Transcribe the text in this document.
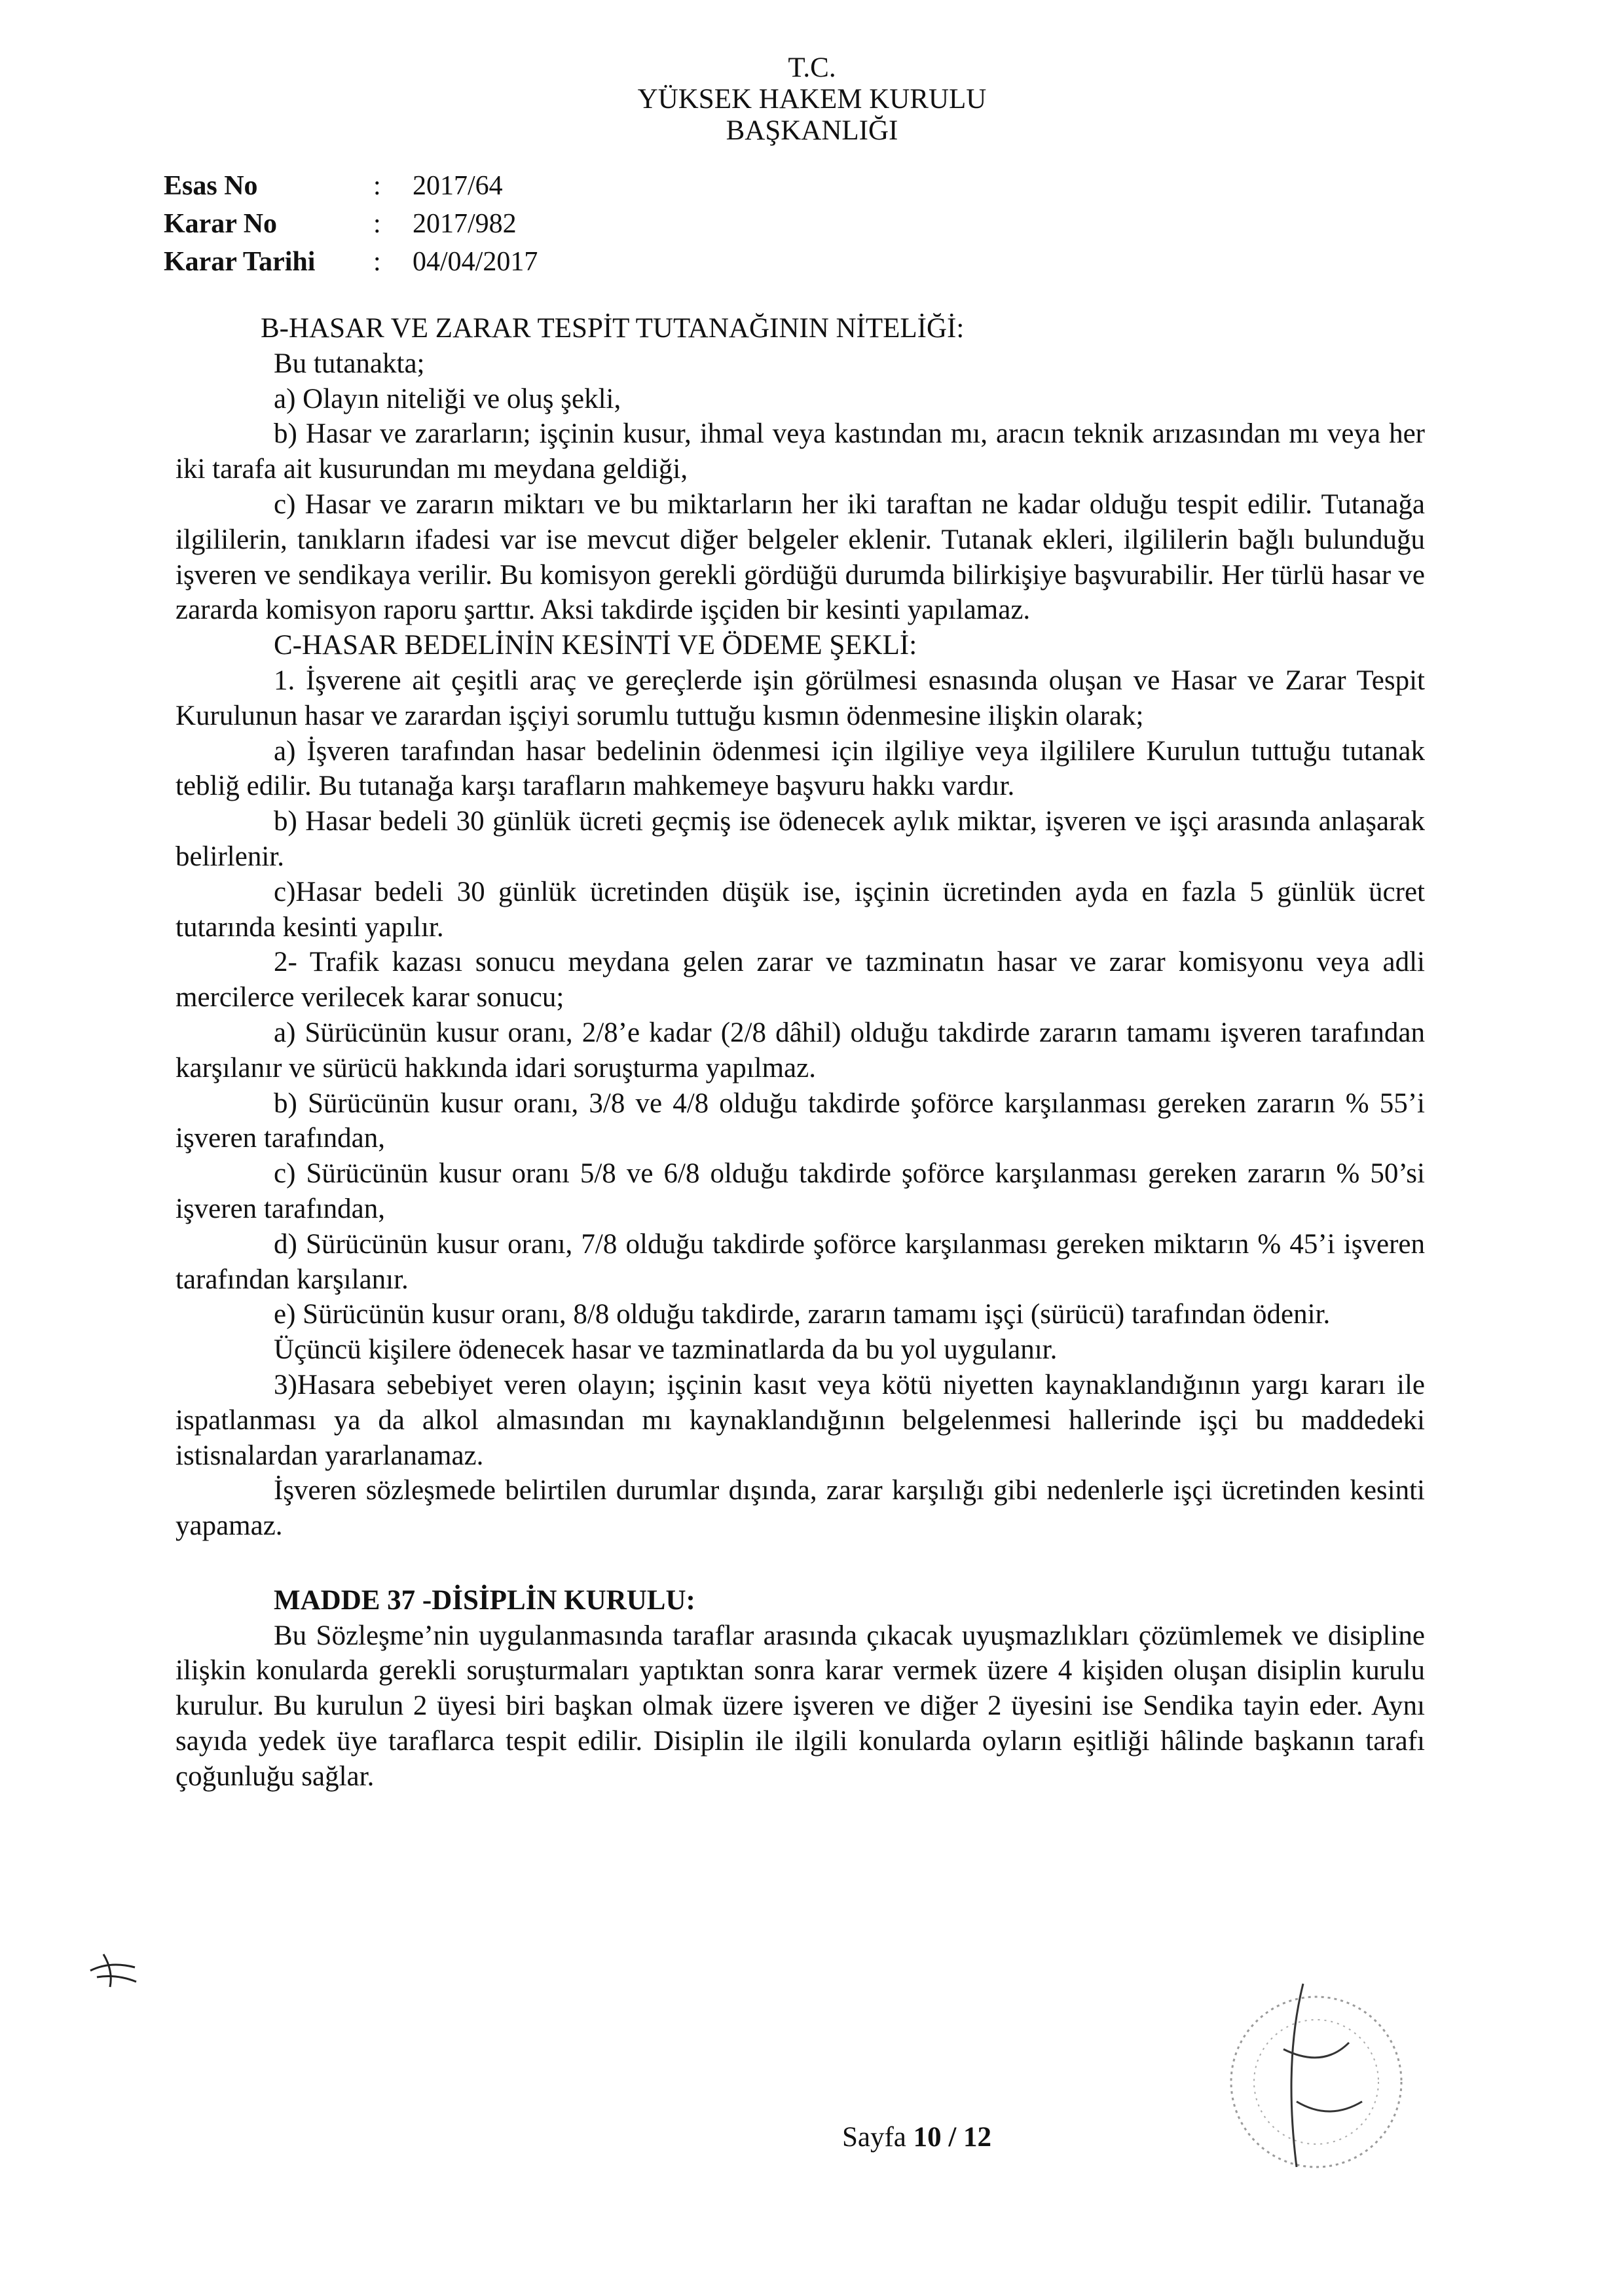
T.C.
YÜKSEK HAKEM KURULU
BAŞKANLIĞI
Esas No	:	2017/64
Karar No	:	2017/982
Karar Tarihi	:	04/04/2017

B-HASAR VE ZARAR TESPİT TUTANAĞININ NİTELİĞİ:

Bu tutanakta;

a) Olayın niteliği ve oluş şekli,

b) Hasar ve zararların; işçinin kusur, ihmal veya kastından mı, aracın teknik arızasından mı veya her iki tarafa ait kusurundan mı meydana geldiği,

c) Hasar ve zararın miktarı ve bu miktarların her iki taraftan ne kadar olduğu tespit edilir. Tutanağa ilgililerin, tanıkların ifadesi var ise mevcut diğer belgeler eklenir. Tutanak ekleri, ilgililerin bağlı bulunduğu işveren ve sendikaya verilir. Bu komisyon gerekli gördüğü durumda bilirkişiye başvurabilir. Her türlü hasar ve zararda komisyon raporu şarttır. Aksi takdirde işçiden bir kesinti yapılamaz.

C-HASAR BEDELİNİN KESİNTİ VE ÖDEME ŞEKLİ:

1. İşverene ait çeşitli araç ve gereçlerde işin görülmesi esnasında oluşan ve Hasar ve Zarar Tespit Kurulunun hasar ve zarardan işçiyi sorumlu tuttuğu kısmın ödenmesine ilişkin olarak;

a) İşveren tarafından hasar bedelinin ödenmesi için ilgiliye veya ilgililere Kurulun tuttuğu tutanak tebliğ edilir. Bu tutanağa karşı tarafların mahkemeye başvuru hakkı vardır.

b) Hasar bedeli 30 günlük ücreti geçmiş ise ödenecek aylık miktar, işveren ve işçi arasında anlaşarak belirlenir.

c)Hasar bedeli 30 günlük ücretinden düşük ise, işçinin ücretinden ayda en fazla 5 günlük ücret tutarında kesinti yapılır.

2- Trafik kazası sonucu meydana gelen zarar ve tazminatın hasar ve zarar komisyonu veya adli mercilerce verilecek karar sonucu;

a) Sürücünün kusur oranı, 2/8’e kadar (2/8 dâhil) olduğu takdirde zararın tamamı işveren tarafından karşılanır ve sürücü hakkında idari soruşturma yapılmaz.

b) Sürücünün kusur oranı, 3/8 ve 4/8 olduğu takdirde şoförce karşılanması gereken zararın % 55’i işveren tarafından,

c) Sürücünün kusur oranı 5/8 ve 6/8 olduğu takdirde şoförce karşılanması gereken zararın % 50’si işveren tarafından,

d) Sürücünün kusur oranı, 7/8 olduğu takdirde şoförce karşılanması gereken miktarın % 45’i işveren tarafından karşılanır.

e) Sürücünün kusur oranı, 8/8 olduğu takdirde, zararın tamamı işçi (sürücü) tarafından ödenir.

Üçüncü kişilere ödenecek hasar ve tazminatlarda da bu yol uygulanır.

3)Hasara sebebiyet veren olayın; işçinin kasıt veya kötü niyetten kaynaklandığının yargı kararı ile ispatlanması ya da alkol almasından mı kaynaklandığının belgelenmesi hallerinde işçi bu maddedeki istisnalardan yararlanamaz.

İşveren sözleşmede belirtilen durumlar dışında, zarar karşılığı gibi nedenlerle işçi ücretinden kesinti yapamaz.

MADDE 37 -DİSİPLİN KURULU:

Bu Sözleşme’nin uygulanmasında taraflar arasında çıkacak uyuşmazlıkları çözümlemek ve disipline ilişkin konularda gerekli soruşturmaları yaptıktan sonra karar vermek üzere 4 kişiden oluşan disiplin kurulu kurulur. Bu kurulun 2 üyesi biri başkan olmak üzere işveren ve diğer 2 üyesini ise Sendika tayin eder. Aynı sayıda yedek üye taraflarca tespit edilir. Disiplin ile ilgili konularda oyların eşitliği hâlinde başkanın tarafı çoğunluğu sağlar.

Sayfa 10 / 12
